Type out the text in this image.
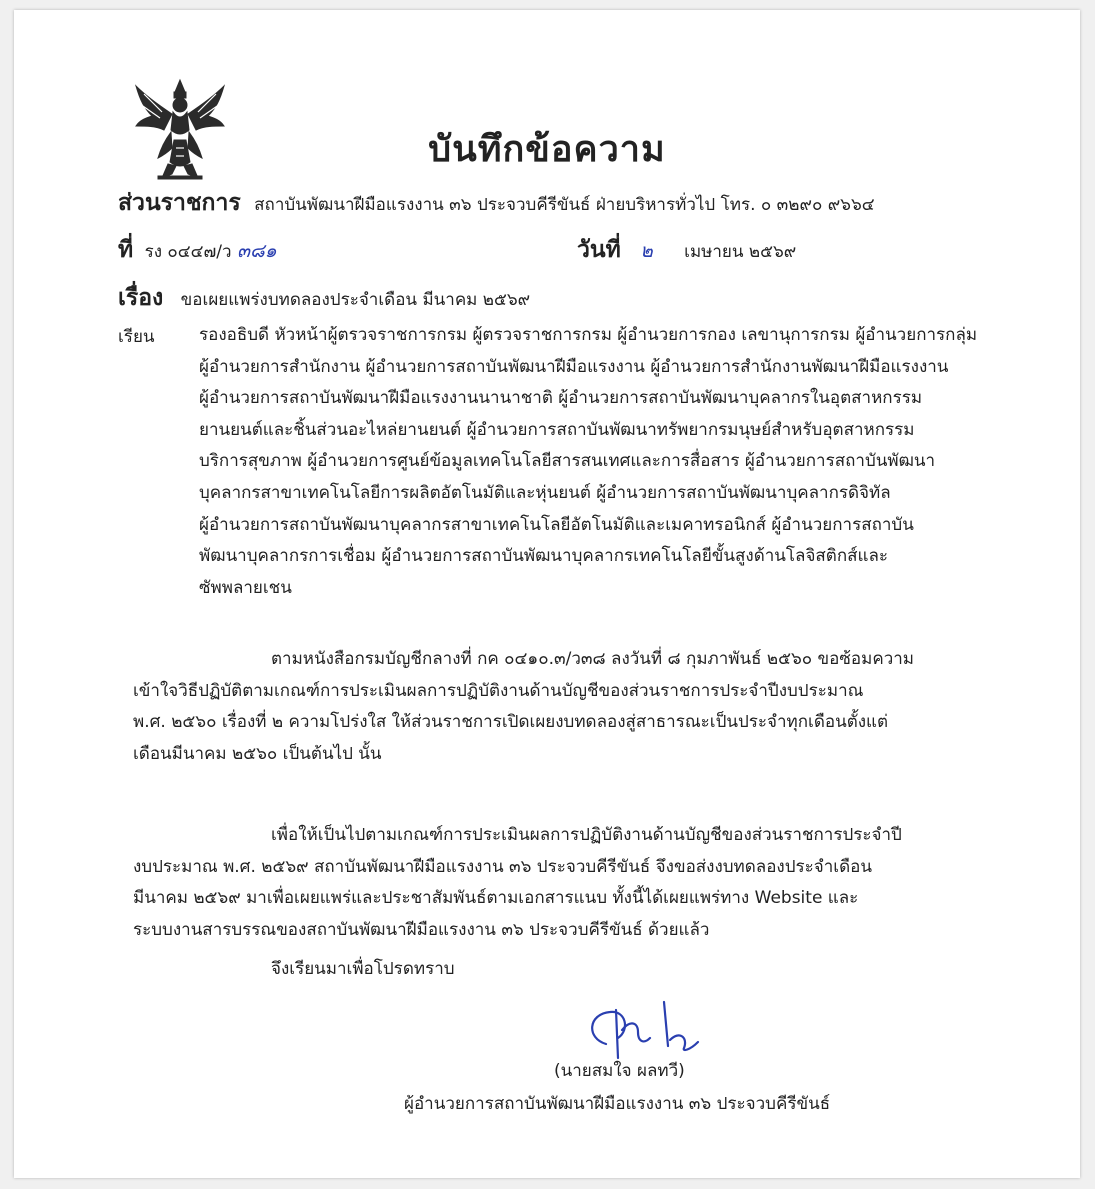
บันทึกข้อความ
ส่วนราชการ สถาบันพัฒนาฝีมือแรงงาน ๓๖ ประจวบคีรีขันธ์ ฝ่ายบริหารทั่วไป โทร. ๐ ๓๒๙๐ ๙๖๖๔
ที่ รง ๐๔๔๗/ว ๓๘๑	วันที่ ๒ เมษายน ๒๕๖๙
เรื่อง ขอเผยแพร่งบทดลองประจำเดือน มีนาคม ๒๕๖๙
เรียน	รองอธิบดี หัวหน้าผู้ตรวจราชการกรม ผู้ตรวจราชการกรม ผู้อำนวยการกอง เลขานุการกรม ผู้อำนวยการกลุ่ม
ผู้อำนวยการสำนักงาน ผู้อำนวยการสถาบันพัฒนาฝีมือแรงงาน ผู้อำนวยการสำนักงานพัฒนาฝีมือแรงงาน
ผู้อำนวยการสถาบันพัฒนาฝีมือแรงงานนานาชาติ ผู้อำนวยการสถาบันพัฒนาบุคลากรในอุตสาหกรรม
ยานยนต์และชิ้นส่วนอะไหล่ยานยนต์ ผู้อำนวยการสถาบันพัฒนาทรัพยากรมนุษย์สำหรับอุตสาหกรรม
บริการสุขภาพ ผู้อำนวยการศูนย์ข้อมูลเทคโนโลยีสารสนเทศและการสื่อสาร ผู้อำนวยการสถาบันพัฒนา
บุคลากรสาขาเทคโนโลยีการผลิตอัตโนมัติและหุ่นยนต์ ผู้อำนวยการสถาบันพัฒนาบุคลากรดิจิทัล
ผู้อำนวยการสถาบันพัฒนาบุคลากรสาขาเทคโนโลยีอัตโนมัติและเมคาทรอนิกส์ ผู้อำนวยการสถาบัน
พัฒนาบุคลากรการเชื่อม ผู้อำนวยการสถาบันพัฒนาบุคลากรเทคโนโลยีขั้นสูงด้านโลจิสติกส์และ
ซัพพลายเชน
ตามหนังสือกรมบัญชีกลางที่ กค ๐๔๑๐.๓/ว๓๘ ลงวันที่ ๘ กุมภาพันธ์ ๒๕๖๐ ขอซ้อมความ
เข้าใจวิธีปฏิบัติตามเกณฑ์การประเมินผลการปฏิบัติงานด้านบัญชีของส่วนราชการประจำปีงบประมาณ
พ.ศ. ๒๕๖๐ เรื่องที่ ๒ ความโปร่งใส ให้ส่วนราชการเปิดเผยงบทดลองสู่สาธารณะเป็นประจำทุกเดือนตั้งแต่
เดือนมีนาคม ๒๕๖๐ เป็นต้นไป นั้น
เพื่อให้เป็นไปตามเกณฑ์การประเมินผลการปฏิบัติงานด้านบัญชีของส่วนราชการประจำปี
งบประมาณ พ.ศ. ๒๕๖๙ สถาบันพัฒนาฝีมือแรงงาน ๓๖ ประจวบคีรีขันธ์ จึงขอส่งงบทดลองประจำเดือน
มีนาคม ๒๕๖๙ มาเพื่อเผยแพร่และประชาสัมพันธ์ตามเอกสารแนบ ทั้งนี้ได้เผยแพร่ทาง Website และ
ระบบงานสารบรรณของสถาบันพัฒนาฝีมือแรงงาน ๓๖ ประจวบคีรีขันธ์ ด้วยแล้ว
จึงเรียนมาเพื่อโปรดทราบ
(นายสมใจ ผลทวี)
ผู้อำนวยการสถาบันพัฒนาฝีมือแรงงาน ๓๖ ประจวบคีรีขันธ์
